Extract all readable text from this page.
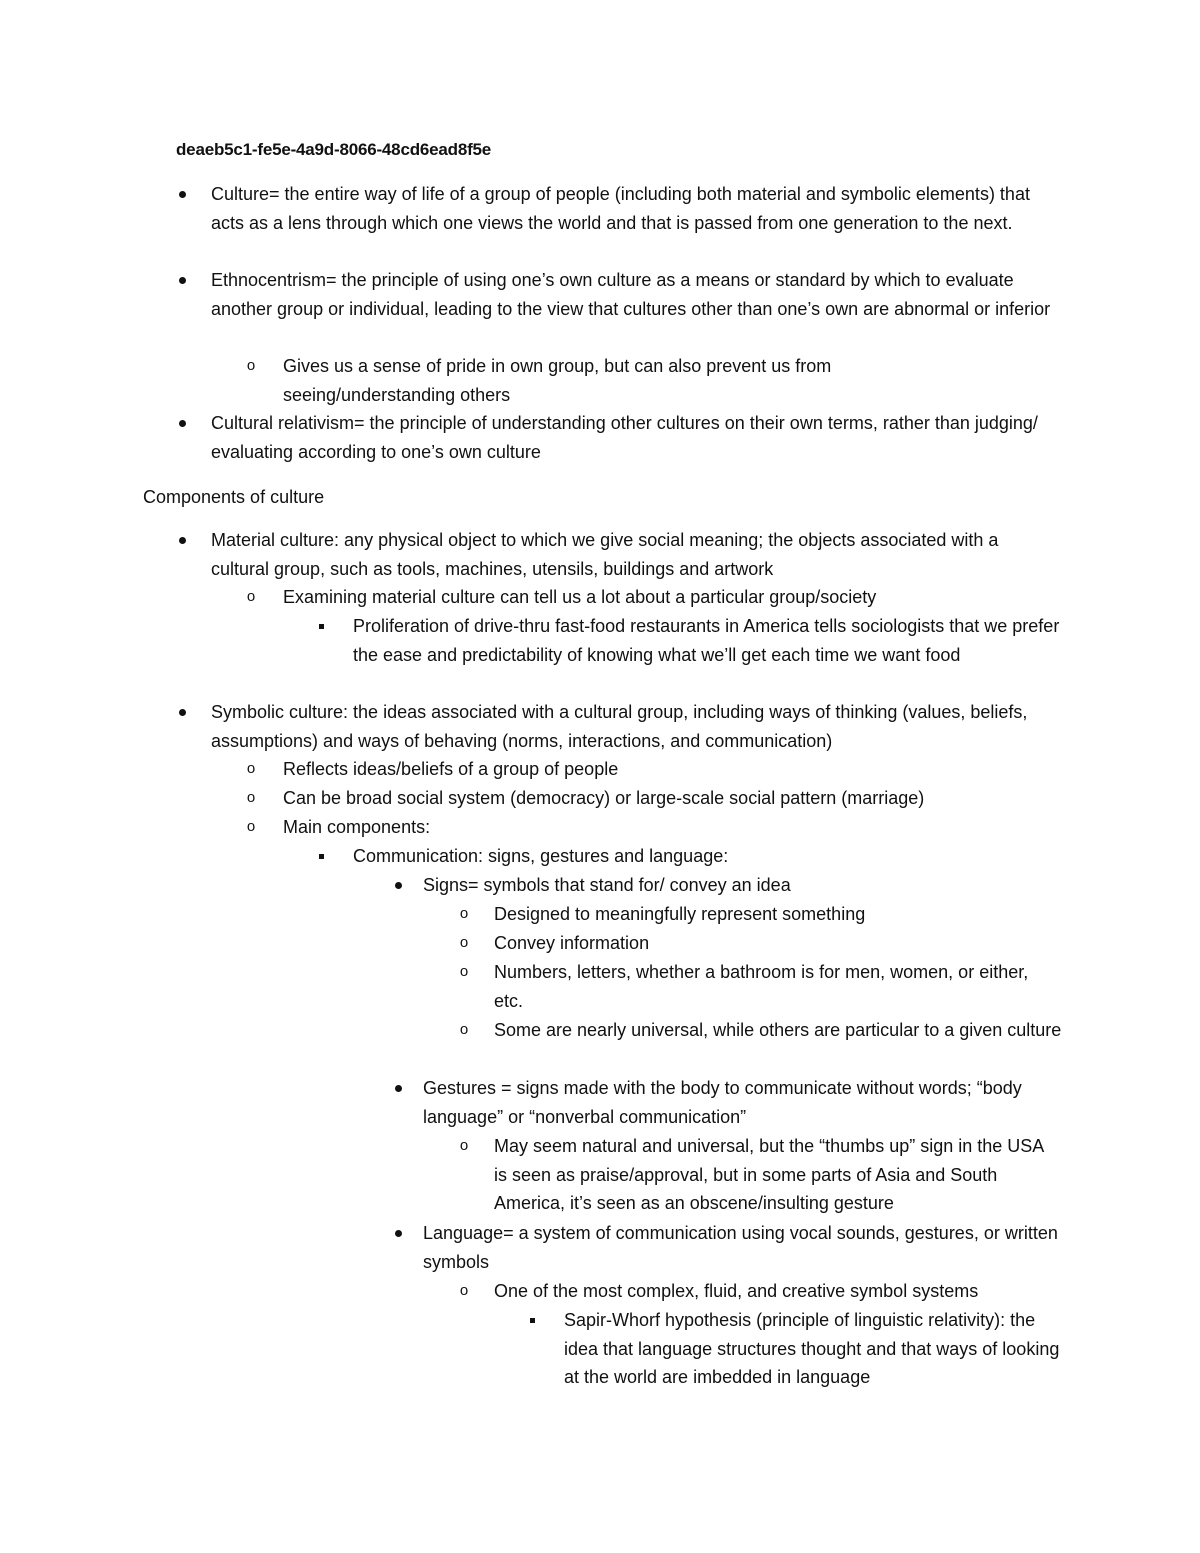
deaeb5c1-fe5e-4a9d-8066-48cd6ead8f5e
Culture= the entire way of life of a group of people (including both material and symbolic elements) that acts as a lens through which one views the world and that is passed from one generation to the next.
Ethnocentrism= the principle of using one’s own culture as a means or standard by which to evaluate another group or individual, leading to the view that cultures other than one’s own are abnormal or inferior
o Gives us a sense of pride in own group, but can also prevent us from seeing/understanding others
Cultural relativism= the principle of understanding other cultures on their own terms, rather than judging/ evaluating according to one’s own culture
Components of culture
Material culture: any physical object to which we give social meaning; the objects associated with a cultural group, such as tools, machines, utensils, buildings and artwork
o Examining material culture can tell us a lot about a particular group/society
Proliferation of drive-thru fast-food restaurants in America tells sociologists that we prefer the ease and predictability of knowing what we’ll get each time we want food
Symbolic culture: the ideas associated with a cultural group, including ways of thinking (values, beliefs, assumptions) and ways of behaving (norms, interactions, and communication)
o Reflects ideas/beliefs of a group of people
o Can be broad social system (democracy) or large-scale social pattern (marriage)
o Main components:
Communication: signs, gestures and language:
Signs= symbols that stand for/ convey an idea
o Designed to meaningfully represent something
o Convey information
o Numbers, letters, whether a bathroom is for men, women, or either, etc.
o Some are nearly universal, while others are particular to a given culture
Gestures = signs made with the body to communicate without words; “body language” or “nonverbal communication”
o May seem natural and universal, but the “thumbs up” sign in the USA is seen as praise/approval, but in some parts of Asia and South America, it’s seen as an obscene/insulting gesture
Language= a system of communication using vocal sounds, gestures, or written symbols
o One of the most complex, fluid, and creative symbol systems
Sapir-Whorf hypothesis (principle of linguistic relativity): the idea that language structures thought and that ways of looking at the world are imbedded in language
